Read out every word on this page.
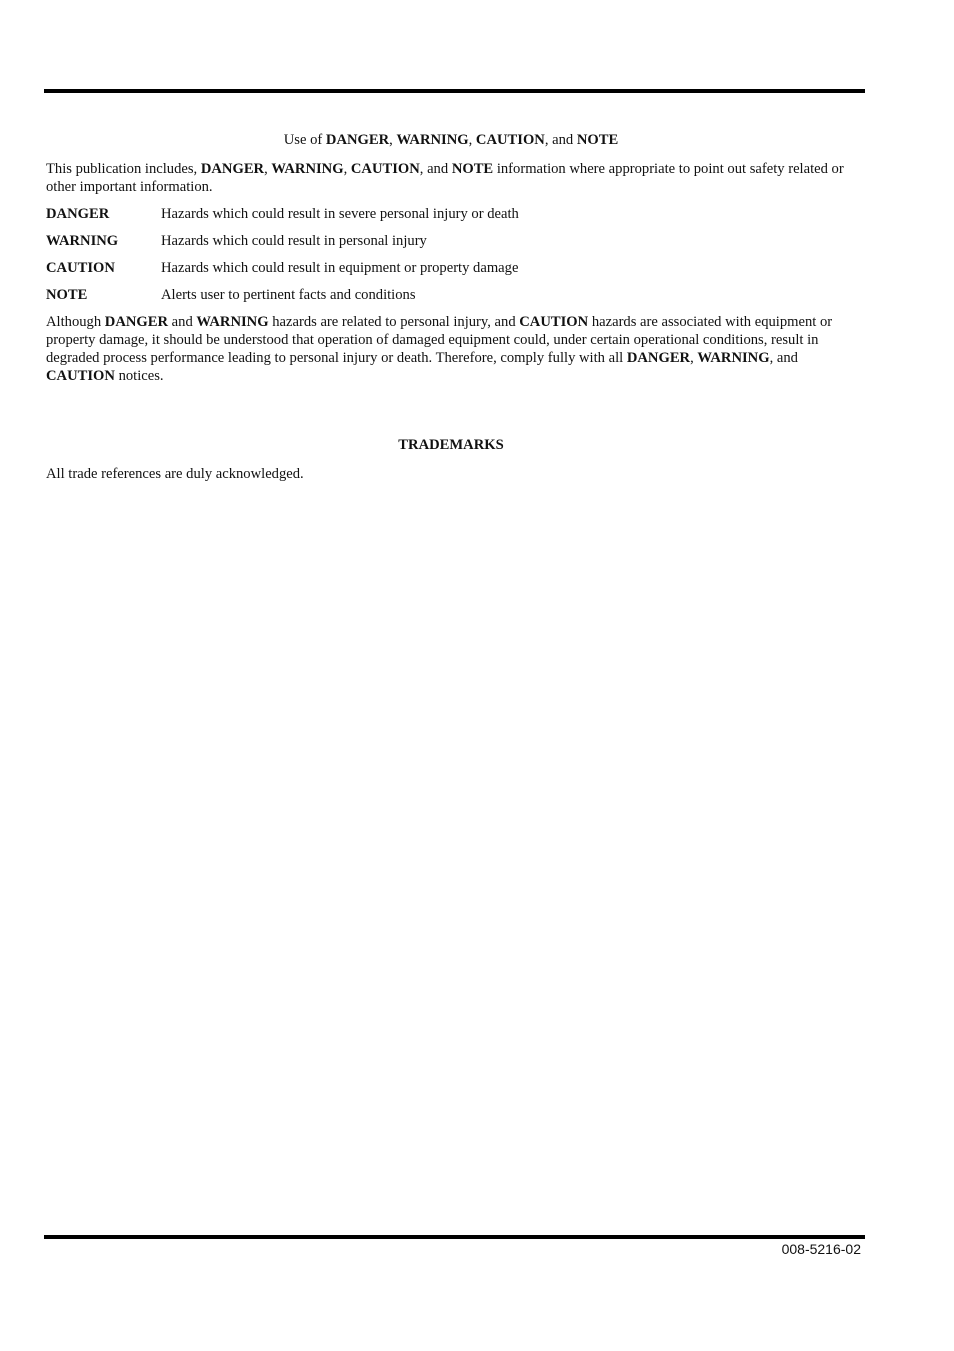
Use of DANGER, WARNING, CAUTION, and NOTE

This publication includes, DANGER, WARNING, CAUTION, and NOTE information where appropriate to point out safety related or other important information.

DANGER	Hazards which could result in severe personal injury or death
WARNING	Hazards which could result in personal injury
CAUTION	Hazards which could result in equipment or property damage
NOTE	Alerts user to pertinent facts and conditions

Although DANGER and WARNING hazards are related to personal injury, and CAUTION hazards are associated with equipment or property damage, it should be understood that operation of damaged equipment could, under certain operational conditions, result in degraded process performance leading to personal injury or death. Therefore, comply fully with all DANGER, WARNING, and CAUTION notices.

TRADEMARKS

All trade references are duly acknowledged.

008-5216-02
